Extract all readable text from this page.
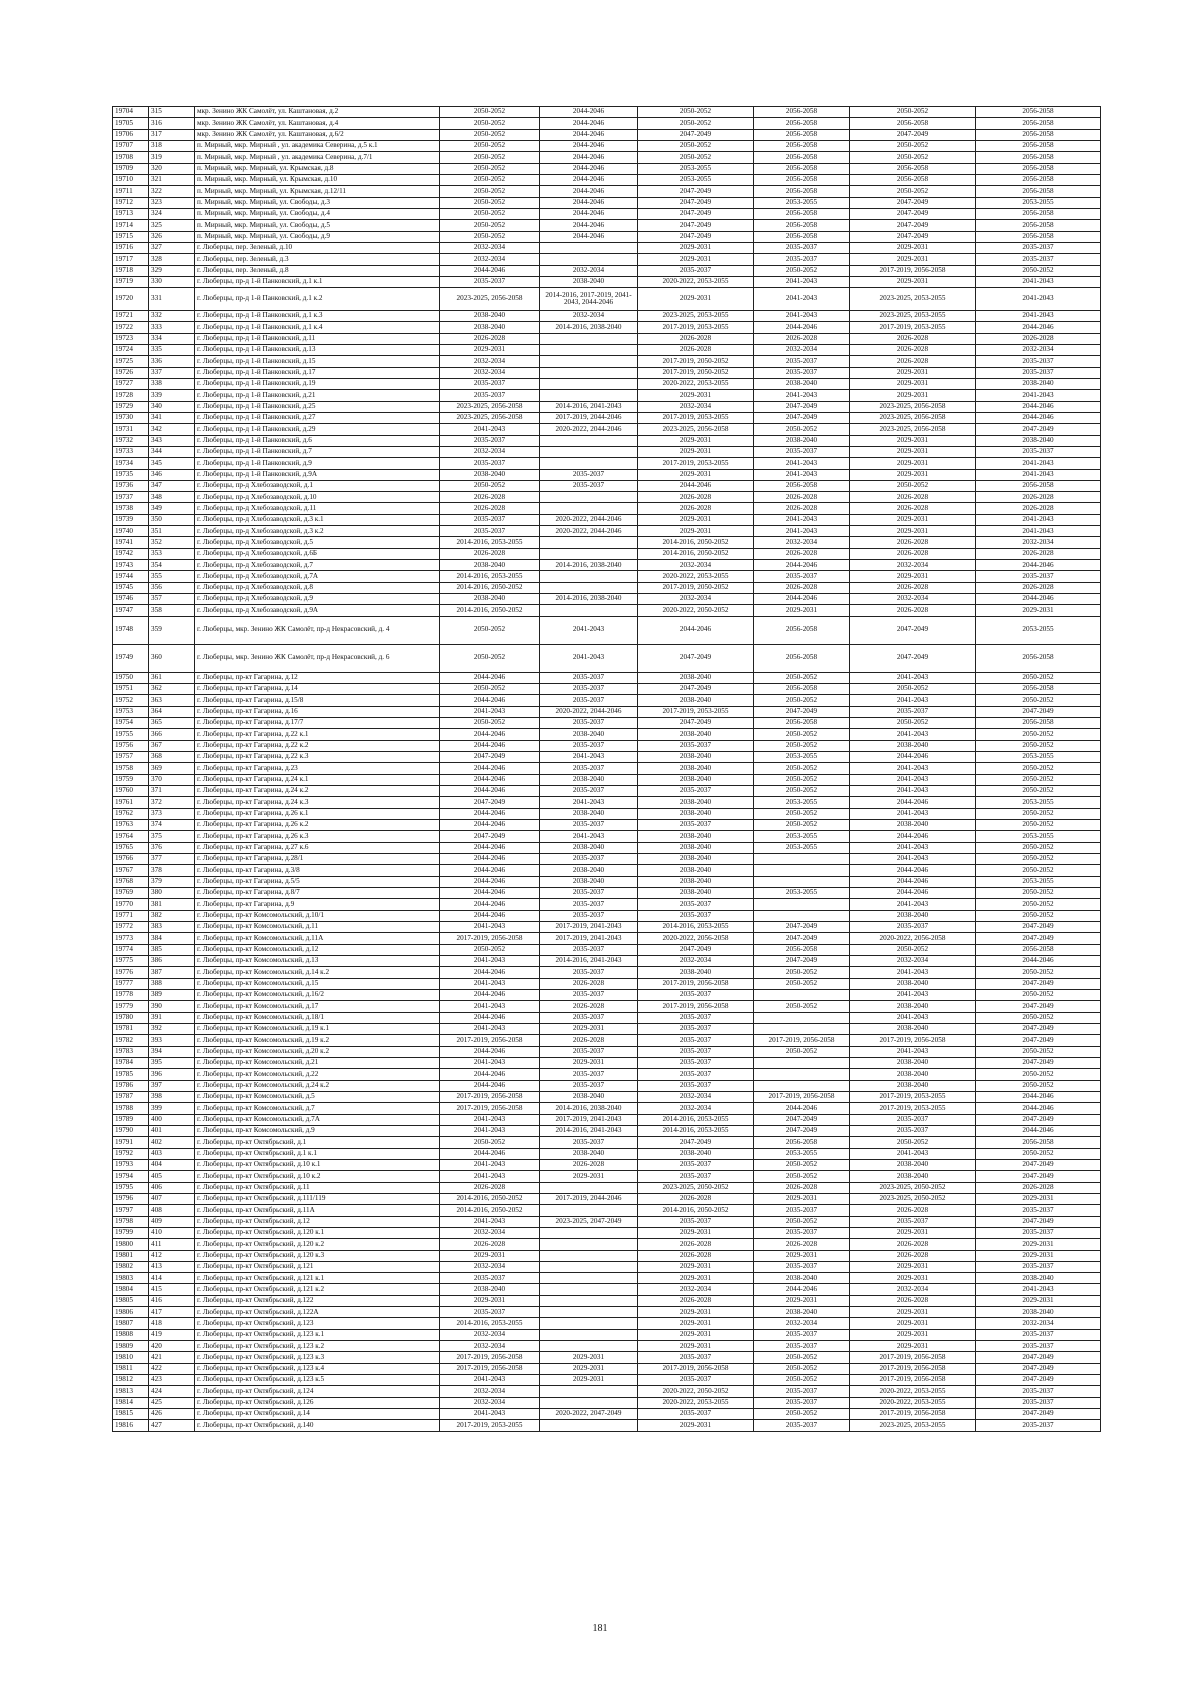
19704	315	мкр. Зенино ЖК Самолёт, ул. Каштановая, д.2	2050-2052	2044-2046	2050-2052	2056-2058	2050-2052	2056-2058
19705	316	мкр. Зенино ЖК Самолёт, ул. Каштановая, д.4	2050-2052	2044-2046	2050-2052	2056-2058	2056-2058	2056-2058
19706	317	мкр. Зенино ЖК Самолёт, ул. Каштановая, д.6/2	2050-2052	2044-2046	2047-2049	2056-2058	2047-2049	2056-2058
19707	318	п. Мирный, мкр. Мирный , ул. академика Северина, д.5 к.1	2050-2052	2044-2046	2050-2052	2056-2058	2050-2052	2056-2058
19708	319	п. Мирный, мкр. Мирный , ул. академика Северина, д.7/1	2050-2052	2044-2046	2050-2052	2056-2058	2050-2052	2056-2058
19709	320	п. Мирный, мкр. Мирный, ул. Крымская, д.8	2050-2052	2044-2046	2053-2055	2056-2058	2056-2058	2056-2058
19710	321	п. Мирный, мкр. Мирный, ул. Крымская, д.10	2050-2052	2044-2046	2053-2055	2056-2058	2056-2058	2056-2058
19711	322	п. Мирный, мкр. Мирный, ул. Крымская, д.12/11	2050-2052	2044-2046	2047-2049	2056-2058	2050-2052	2056-2058
19712	323	п. Мирный, мкр. Мирный, ул. Свободы, д.3	2050-2052	2044-2046	2047-2049	2053-2055	2047-2049	2053-2055
19713	324	п. Мирный, мкр. Мирный, ул. Свободы, д.4	2050-2052	2044-2046	2047-2049	2056-2058	2047-2049	2056-2058
19714	325	п. Мирный, мкр. Мирный, ул. Свободы, д.5	2050-2052	2044-2046	2047-2049	2056-2058	2047-2049	2056-2058
19715	326	п. Мирный, мкр. Мирный, ул. Свободы, д.9	2050-2052	2044-2046	2047-2049	2056-2058	2047-2049	2056-2058
19716	327	г. Люберцы, пер. Зеленый, д.10	2032-2034		2029-2031	2035-2037	2029-2031	2035-2037
19717	328	г. Люберцы, пер. Зеленый, д.3	2032-2034		2029-2031	2035-2037	2029-2031	2035-2037
19718	329	г. Люберцы, пер. Зеленый, д.8	2044-2046	2032-2034	2035-2037	2050-2052	2017-2019, 2056-2058	2050-2052
19719	330	г. Люберцы, пр-д 1-й Панковский, д.1 к.1	2035-2037	2038-2040	2020-2022, 2053-2055	2041-2043	2029-2031	2041-2043
19720	331	г. Люберцы, пр-д 1-й Панковский, д.1 к.2	2023-2025, 2056-2058	2014-2016, 2017-2019, 2041-2043, 2044-2046	2029-2031	2041-2043	2023-2025, 2053-2055	2041-2043
19721	332	г. Люберцы, пр-д 1-й Панковский, д.1 к.3	2038-2040	2032-2034	2023-2025, 2053-2055	2041-2043	2023-2025, 2053-2055	2041-2043
19722	333	г. Люберцы, пр-д 1-й Панковский, д.1 к.4	2038-2040	2014-2016, 2038-2040	2017-2019, 2053-2055	2044-2046	2017-2019, 2053-2055	2044-2046
19723	334	г. Люберцы, пр-д 1-й Панковский, д.11	2026-2028		2026-2028	2026-2028	2026-2028	2026-2028
19724	335	г. Люберцы, пр-д 1-й Панковский, д.13	2029-2031		2026-2028	2032-2034	2026-2028	2032-2034
19725	336	г. Люберцы, пр-д 1-й Панковский, д.15	2032-2034		2017-2019, 2050-2052	2035-2037	2026-2028	2035-2037
19726	337	г. Люберцы, пр-д 1-й Панковский, д.17	2032-2034		2017-2019, 2050-2052	2035-2037	2029-2031	2035-2037
19727	338	г. Люберцы, пр-д 1-й Панковский, д.19	2035-2037		2020-2022, 2053-2055	2038-2040	2029-2031	2038-2040
19728	339	г. Люберцы, пр-д 1-й Панковский, д.21	2035-2037		2029-2031	2041-2043	2029-2031	2041-2043
19729	340	г. Люберцы, пр-д 1-й Панковский, д.25	2023-2025, 2056-2058	2014-2016, 2041-2043	2032-2034	2047-2049	2023-2025, 2056-2058	2044-2046
19730	341	г. Люберцы, пр-д 1-й Панковский, д.27	2023-2025, 2056-2058	2017-2019, 2044-2046	2017-2019, 2053-2055	2047-2049	2023-2025, 2056-2058	2044-2046
19731	342	г. Люберцы, пр-д 1-й Панковский, д.29	2041-2043	2020-2022, 2044-2046	2023-2025, 2056-2058	2050-2052	2023-2025, 2056-2058	2047-2049
19732	343	г. Люберцы, пр-д 1-й Панковский, д.6	2035-2037		2029-2031	2038-2040	2029-2031	2038-2040
19733	344	г. Люберцы, пр-д 1-й Панковский, д.7	2032-2034		2029-2031	2035-2037	2029-2031	2035-2037
19734	345	г. Люберцы, пр-д 1-й Панковский, д.9	2035-2037		2017-2019, 2053-2055	2041-2043	2029-2031	2041-2043
19735	346	г. Люберцы, пр-д 1-й Панковский, д.9А	2038-2040	2035-2037	2029-2031	2041-2043	2029-2031	2041-2043
19736	347	г. Люберцы, пр-д Хлебозаводской, д.1	2050-2052	2035-2037	2044-2046	2056-2058	2050-2052	2056-2058
19737	348	г. Люберцы, пр-д Хлебозаводской, д.10	2026-2028		2026-2028	2026-2028	2026-2028	2026-2028
19738	349	г. Люберцы, пр-д Хлебозаводской, д.11	2026-2028		2026-2028	2026-2028	2026-2028	2026-2028
19739	350	г. Люберцы, пр-д Хлебозаводской, д.3 к.1	2035-2037	2020-2022, 2044-2046	2029-2031	2041-2043	2029-2031	2041-2043
19740	351	г. Люберцы, пр-д Хлебозаводской, д.3 к.2	2035-2037	2020-2022, 2044-2046	2029-2031	2041-2043	2029-2031	2041-2043
19741	352	г. Люберцы, пр-д Хлебозаводской, д.5	2014-2016, 2053-2055		2014-2016, 2050-2052	2032-2034	2026-2028	2032-2034
19742	353	г. Люберцы, пр-д Хлебозаводской, д.6Б	2026-2028		2014-2016, 2050-2052	2026-2028	2026-2028	2026-2028
19743	354	г. Люберцы, пр-д Хлебозаводской, д.7	2038-2040	2014-2016, 2038-2040	2032-2034	2044-2046	2032-2034	2044-2046
19744	355	г. Люберцы, пр-д Хлебозаводской, д.7А	2014-2016, 2053-2055		2020-2022, 2053-2055	2035-2037	2029-2031	2035-2037
19745	356	г. Люберцы, пр-д Хлебозаводской, д.8	2014-2016, 2050-2052		2017-2019, 2050-2052	2026-2028	2026-2028	2026-2028
19746	357	г. Люберцы, пр-д Хлебозаводской, д.9	2038-2040	2014-2016, 2038-2040	2032-2034	2044-2046	2032-2034	2044-2046
19747	358	г. Люберцы, пр-д Хлебозаводской, д.9А	2014-2016, 2050-2052		2020-2022, 2050-2052	2029-2031	2026-2028	2029-2031
19748	359	г. Люберцы, мкр. Зенино ЖК Самолёт, пр-д Некрасовский, д. 4	2050-2052	2041-2043	2044-2046	2056-2058	2047-2049	2053-2055
19749	360	г. Люберцы, мкр. Зенино ЖК Самолёт, пр-д Некрасовский, д. 6	2050-2052	2041-2043	2047-2049	2056-2058	2047-2049	2056-2058
19750	361	г. Люберцы, пр-кт Гагарина, д.12	2044-2046	2035-2037	2038-2040	2050-2052	2041-2043	2050-2052
19751	362	г. Люберцы, пр-кт Гагарина, д.14	2050-2052	2035-2037	2047-2049	2056-2058	2050-2052	2056-2058
19752	363	г. Люберцы, пр-кт Гагарина, д.15/8	2044-2046	2035-2037	2038-2040	2050-2052	2041-2043	2050-2052
19753	364	г. Люберцы, пр-кт Гагарина, д.16	2041-2043	2020-2022, 2044-2046	2017-2019, 2053-2055	2047-2049	2035-2037	2047-2049
19754	365	г. Люберцы, пр-кт Гагарина, д.17/7	2050-2052	2035-2037	2047-2049	2056-2058	2050-2052	2056-2058
19755	366	г. Люберцы, пр-кт Гагарина, д.22 к.1	2044-2046	2038-2040	2038-2040	2050-2052	2041-2043	2050-2052
19756	367	г. Люберцы, пр-кт Гагарина, д.22 к.2	2044-2046	2035-2037	2035-2037	2050-2052	2038-2040	2050-2052
19757	368	г. Люберцы, пр-кт Гагарина, д.22 к.3	2047-2049	2041-2043	2038-2040	2053-2055	2044-2046	2053-2055
19758	369	г. Люберцы, пр-кт Гагарина, д.23	2044-2046	2035-2037	2038-2040	2050-2052	2041-2043	2050-2052
19759	370	г. Люберцы, пр-кт Гагарина, д.24 к.1	2044-2046	2038-2040	2038-2040	2050-2052	2041-2043	2050-2052
19760	371	г. Люберцы, пр-кт Гагарина, д.24 к.2	2044-2046	2035-2037	2035-2037	2050-2052	2041-2043	2050-2052
19761	372	г. Люберцы, пр-кт Гагарина, д.24 к.3	2047-2049	2041-2043	2038-2040	2053-2055	2044-2046	2053-2055
19762	373	г. Люберцы, пр-кт Гагарина, д.26 к.1	2044-2046	2038-2040	2038-2040	2050-2052	2041-2043	2050-2052
19763	374	г. Люберцы, пр-кт Гагарина, д.26 к.2	2044-2046	2035-2037	2035-2037	2050-2052	2038-2040	2050-2052
19764	375	г. Люберцы, пр-кт Гагарина, д.26 к.3	2047-2049	2041-2043	2038-2040	2053-2055	2044-2046	2053-2055
19765	376	г. Люберцы, пр-кт Гагарина, д.27 к.6	2044-2046	2038-2040	2038-2040	2053-2055	2041-2043	2050-2052
19766	377	г. Люберцы, пр-кт Гагарина, д.28/1	2044-2046	2035-2037	2038-2040		2041-2043	2050-2052
19767	378	г. Люберцы, пр-кт Гагарина, д.3/8	2044-2046	2038-2040	2038-2040		2044-2046	2050-2052
19768	379	г. Люберцы, пр-кт Гагарина, д.5/5	2044-2046	2038-2040	2038-2040		2044-2046	2053-2055
19769	380	г. Люберцы, пр-кт Гагарина, д.8/7	2044-2046	2035-2037	2038-2040	2053-2055	2044-2046	2050-2052
19770	381	г. Люберцы, пр-кт Гагарина, д.9	2044-2046	2035-2037	2035-2037		2041-2043	2050-2052
19771	382	г. Люберцы, пр-кт Комсомольский, д.10/1	2044-2046	2035-2037	2035-2037		2038-2040	2050-2052
19772	383	г. Люберцы, пр-кт Комсомольский, д.11	2041-2043	2017-2019, 2041-2043	2014-2016, 2053-2055	2047-2049	2035-2037	2047-2049
19773	384	г. Люберцы, пр-кт Комсомольский, д.11А	2017-2019, 2056-2058	2017-2019, 2041-2043	2020-2022, 2056-2058	2047-2049	2020-2022, 2056-2058	2047-2049
19774	385	г. Люберцы, пр-кт Комсомольский, д.12	2050-2052	2035-2037	2047-2049	2056-2058	2050-2052	2056-2058
19775	386	г. Люберцы, пр-кт Комсомольский, д.13	2041-2043	2014-2016, 2041-2043	2032-2034	2047-2049	2032-2034	2044-2046
19776	387	г. Люберцы, пр-кт Комсомольский, д.14 к.2	2044-2046	2035-2037	2038-2040	2050-2052	2041-2043	2050-2052
19777	388	г. Люберцы, пр-кт Комсомольский, д.15	2041-2043	2026-2028	2017-2019, 2056-2058	2050-2052	2038-2040	2047-2049
19778	389	г. Люберцы, пр-кт Комсомольский, д.16/2	2044-2046	2035-2037	2035-2037		2041-2043	2050-2052
19779	390	г. Люберцы, пр-кт Комсомольский, д.17	2041-2043	2026-2028	2017-2019, 2056-2058	2050-2052	2038-2040	2047-2049
19780	391	г. Люберцы, пр-кт Комсомольский, д.18/1	2044-2046	2035-2037	2035-2037		2041-2043	2050-2052
19781	392	г. Люберцы, пр-кт Комсомольский, д.19 к.1	2041-2043	2029-2031	2035-2037		2038-2040	2047-2049
19782	393	г. Люберцы, пр-кт Комсомольский, д.19 к.2	2017-2019, 2056-2058	2026-2028	2035-2037	2017-2019, 2056-2058	2017-2019, 2056-2058	2047-2049
19783	394	г. Люберцы, пр-кт Комсомольский, д.20 к.2	2044-2046	2035-2037	2035-2037	2050-2052	2041-2043	2050-2052
19784	395	г. Люберцы, пр-кт Комсомольский, д.21	2041-2043	2029-2031	2035-2037		2038-2040	2047-2049
19785	396	г. Люберцы, пр-кт Комсомольский, д.22	2044-2046	2035-2037	2035-2037		2038-2040	2050-2052
19786	397	г. Люберцы, пр-кт Комсомольский, д.24 к.2	2044-2046	2035-2037	2035-2037		2038-2040	2050-2052
19787	398	г. Люберцы, пр-кт Комсомольский, д.5	2017-2019, 2056-2058	2038-2040	2032-2034	2017-2019, 2056-2058	2017-2019, 2053-2055	2044-2046
19788	399	г. Люберцы, пр-кт Комсомольский, д.7	2017-2019, 2056-2058	2014-2016, 2038-2040	2032-2034	2044-2046	2017-2019, 2053-2055	2044-2046
19789	400	г. Люберцы, пр-кт Комсомольский, д.7А	2041-2043	2017-2019, 2041-2043	2014-2016, 2053-2055	2047-2049	2035-2037	2047-2049
19790	401	г. Люберцы, пр-кт Комсомольский, д.9	2041-2043	2014-2016, 2041-2043	2014-2016, 2053-2055	2047-2049	2035-2037	2044-2046
19791	402	г. Люберцы, пр-кт Октябрьский, д.1	2050-2052	2035-2037	2047-2049	2056-2058	2050-2052	2056-2058
19792	403	г. Люберцы, пр-кт Октябрьский, д.1 к.1	2044-2046	2038-2040	2038-2040	2053-2055	2041-2043	2050-2052
19793	404	г. Люберцы, пр-кт Октябрьский, д.10 к.1	2041-2043	2026-2028	2035-2037	2050-2052	2038-2040	2047-2049
19794	405	г. Люберцы, пр-кт Октябрьский, д.10 к.2	2041-2043	2029-2031	2035-2037	2050-2052	2038-2040	2047-2049
19795	406	г. Люберцы, пр-кт Октябрьский, д.11	2026-2028		2023-2025, 2050-2052	2026-2028	2023-2025, 2050-2052	2026-2028
19796	407	г. Люберцы, пр-кт Октябрьский, д.111/119	2014-2016, 2050-2052	2017-2019, 2044-2046	2026-2028	2029-2031	2023-2025, 2050-2052	2029-2031
19797	408	г. Люберцы, пр-кт Октябрьский, д.11А	2014-2016, 2050-2052		2014-2016, 2050-2052	2035-2037	2026-2028	2035-2037
19798	409	г. Люберцы, пр-кт Октябрьский, д.12	2041-2043	2023-2025, 2047-2049	2035-2037	2050-2052	2035-2037	2047-2049
19799	410	г. Люберцы, пр-кт Октябрьский, д.120 к.1	2032-2034		2029-2031	2035-2037	2029-2031	2035-2037
19800	411	г. Люберцы, пр-кт Октябрьский, д.120 к.2	2026-2028		2026-2028	2026-2028	2026-2028	2029-2031
19801	412	г. Люберцы, пр-кт Октябрьский, д.120 к.3	2029-2031		2026-2028	2029-2031	2026-2028	2029-2031
19802	413	г. Люберцы, пр-кт Октябрьский, д.121	2032-2034		2029-2031	2035-2037	2029-2031	2035-2037
19803	414	г. Люберцы, пр-кт Октябрьский, д.121 к.1	2035-2037		2029-2031	2038-2040	2029-2031	2038-2040
19804	415	г. Люберцы, пр-кт Октябрьский, д.121 к.2	2038-2040		2032-2034	2044-2046	2032-2034	2041-2043
19805	416	г. Люберцы, пр-кт Октябрьский, д.122	2029-2031		2026-2028	2029-2031	2026-2028	2029-2031
19806	417	г. Люберцы, пр-кт Октябрьский, д.122А	2035-2037		2029-2031	2038-2040	2029-2031	2038-2040
19807	418	г. Люберцы, пр-кт Октябрьский, д.123	2014-2016, 2053-2055		2029-2031	2032-2034	2029-2031	2032-2034
19808	419	г. Люберцы, пр-кт Октябрьский, д.123 к.1	2032-2034		2029-2031	2035-2037	2029-2031	2035-2037
19809	420	г. Люберцы, пр-кт Октябрьский, д.123 к.2	2032-2034		2029-2031	2035-2037	2029-2031	2035-2037
19810	421	г. Люберцы, пр-кт Октябрьский, д.123 к.3	2017-2019, 2056-2058	2029-2031	2035-2037	2050-2052	2017-2019, 2056-2058	2047-2049
19811	422	г. Люберцы, пр-кт Октябрьский, д.123 к.4	2017-2019, 2056-2058	2029-2031	2017-2019, 2056-2058	2050-2052	2017-2019, 2056-2058	2047-2049
19812	423	г. Люберцы, пр-кт Октябрьский, д.123 к.5	2041-2043	2029-2031	2035-2037	2050-2052	2017-2019, 2056-2058	2047-2049
19813	424	г. Люберцы, пр-кт Октябрьский, д.124	2032-2034		2020-2022, 2050-2052	2035-2037	2020-2022, 2053-2055	2035-2037
19814	425	г. Люберцы, пр-кт Октябрьский, д.126	2032-2034		2020-2022, 2053-2055	2035-2037	2020-2022, 2053-2055	2035-2037
19815	426	г. Люберцы, пр-кт Октябрьский, д.14	2041-2043	2020-2022, 2047-2049	2035-2037	2050-2052	2017-2019, 2056-2058	2047-2049
19816	427	г. Люберцы, пр-кт Октябрьский, д.140	2017-2019, 2053-2055		2029-2031	2035-2037	2023-2025, 2053-2055	2035-2037
181
